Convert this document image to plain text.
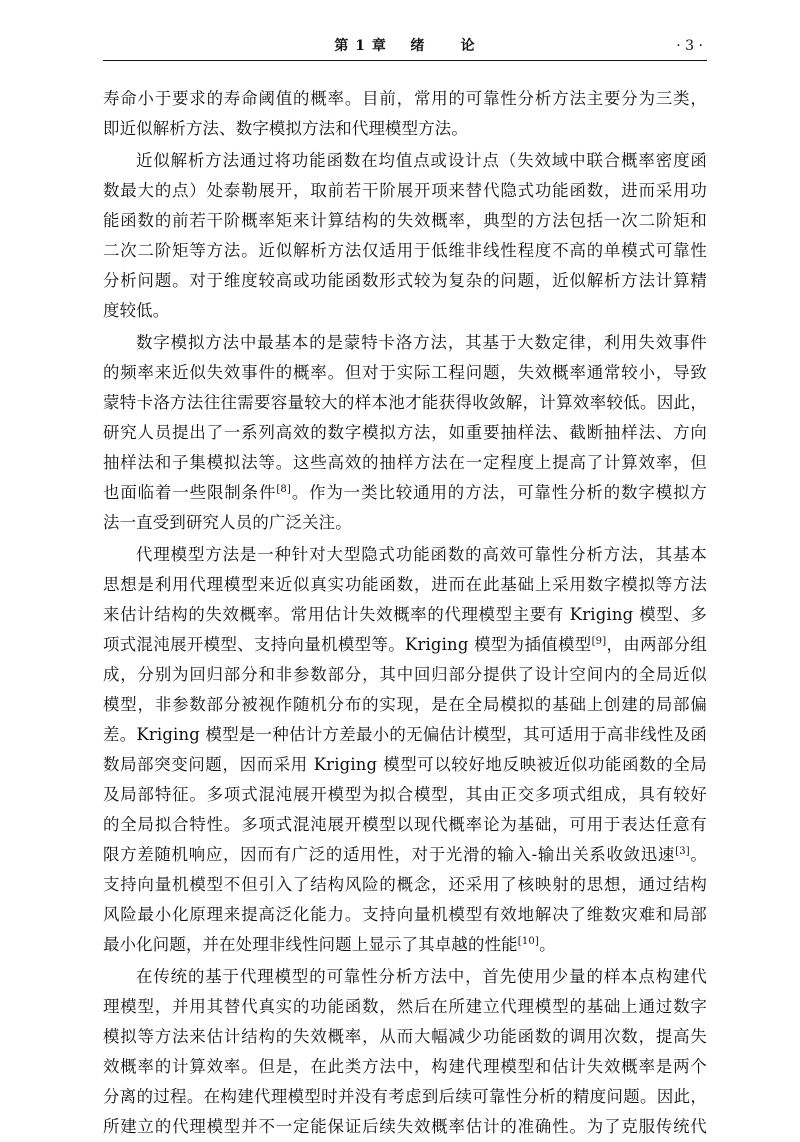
第 1 章    绪      论	· 3 ·
寿命小于要求的寿命阈值的概率。目前，常用的可靠性分析方法主要分为三类，
即近似解析方法、数字模拟方法和代理模型方法。
近似解析方法通过将功能函数在均值点或设计点（失效域中联合概率密度函
数最大的点）处泰勒展开，取前若干阶展开项来替代隐式功能函数，进而采用功
能函数的前若干阶概率矩来计算结构的失效概率，典型的方法包括一次二阶矩和
二次二阶矩等方法。近似解析方法仅适用于低维非线性程度不高的单模式可靠性
分析问题。对于维度较高或功能函数形式较为复杂的问题，近似解析方法计算精
度较低。
数字模拟方法中最基本的是蒙特卡洛方法，其基于大数定律，利用失效事件
的频率来近似失效事件的概率。但对于实际工程问题，失效概率通常较小，导致
蒙特卡洛方法往往需要容量较大的样本池才能获得收敛解，计算效率较低。因此，
研究人员提出了一系列高效的数字模拟方法，如重要抽样法、截断抽样法、方向
抽样法和子集模拟法等。这些高效的抽样方法在一定程度上提高了计算效率，但
也面临着一些限制条件[8]。作为一类比较通用的方法，可靠性分析的数字模拟方
法一直受到研究人员的广泛关注。
代理模型方法是一种针对大型隐式功能函数的高效可靠性分析方法，其基本
思想是利用代理模型来近似真实功能函数，进而在此基础上采用数字模拟等方法
来估计结构的失效概率。常用估计失效概率的代理模型主要有 Kriging 模型、多
项式混沌展开模型、支持向量机模型等。Kriging 模型为插值模型[9]，由两部分组
成，分别为回归部分和非参数部分，其中回归部分提供了设计空间内的全局近似
模型，非参数部分被视作随机分布的实现，是在全局模拟的基础上创建的局部偏
差。Kriging 模型是一种估计方差最小的无偏估计模型，其可适用于高非线性及函
数局部突变问题，因而采用 Kriging 模型可以较好地反映被近似功能函数的全局
及局部特征。多项式混沌展开模型为拟合模型，其由正交多项式组成，具有较好
的全局拟合特性。多项式混沌展开模型以现代概率论为基础，可用于表达任意有
限方差随机响应，因而有广泛的适用性，对于光滑的输入-输出关系收敛迅速[3]。
支持向量机模型不但引入了结构风险的概念，还采用了核映射的思想，通过结构
风险最小化原理来提高泛化能力。支持向量机模型有效地解决了维数灾难和局部
最小化问题，并在处理非线性问题上显示了其卓越的性能[10]。
在传统的基于代理模型的可靠性分析方法中，首先使用少量的样本点构建代
理模型，并用其替代真实的功能函数，然后在所建立代理模型的基础上通过数字
模拟等方法来估计结构的失效概率，从而大幅减少功能函数的调用次数，提高失
效概率的计算效率。但是，在此类方法中，构建代理模型和估计失效概率是两个
分离的过程。在构建代理模型时并没有考虑到后续可靠性分析的精度问题。因此，
所建立的代理模型并不一定能保证后续失效概率估计的准确性。为了克服传统代
